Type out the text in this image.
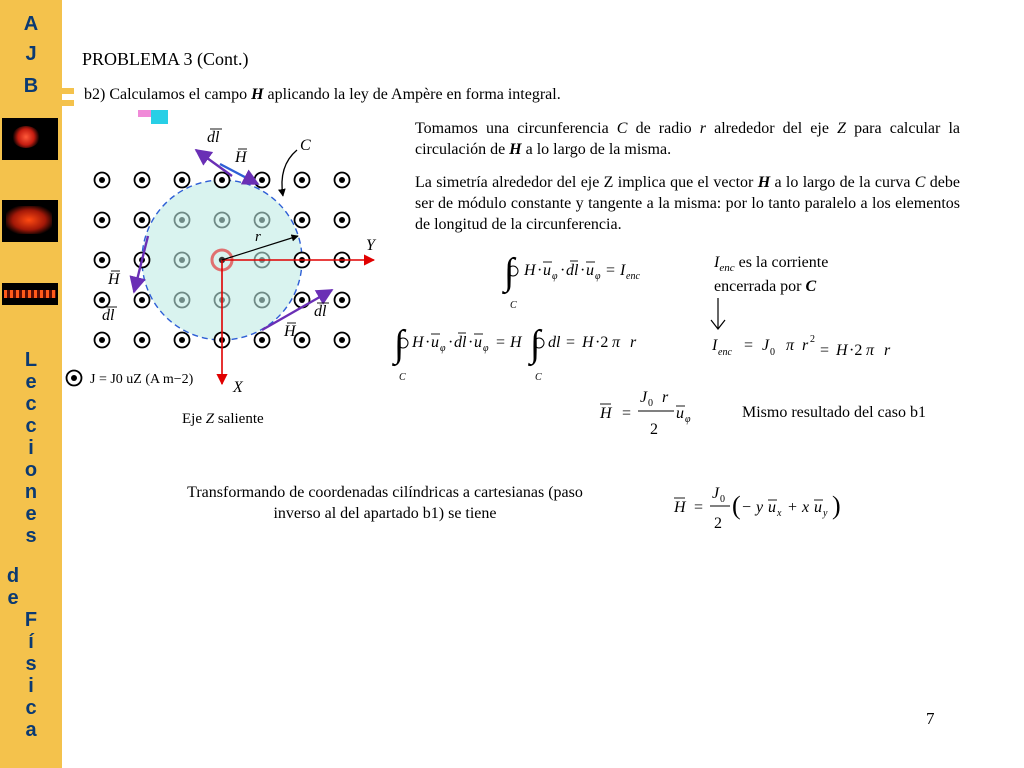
A
J
B
L
e
c
c
i
o
n
e
s
d
e
F
í
s
i
c
a
PROBLEMA 3 (Cont.)
b2) Calculamos el campo H aplicando la ley de Ampère en forma integral.
dl
H
C
r	Y
X
H
dl	dl
H
J = J0 uZ (A m−2)
Eje Z saliente
Tomamos una circunferencia C de radio r alrededor del eje Z para calcular la circulación de H a lo largo de la misma.
La simetría alrededor del eje Z implica que el vector H a lo largo de la curva C debe ser de módulo constante y tangente a la misma: por lo tanto paralelo a los elementos de longitud de la circunferencia.
∫
C
H · u φ · dl · u φ = I enc
∫
C
H · u φ · dl · u φ = H ∫
C
dl = H ·2 π r
$I_{enc}$ es la corriente encerrada por C
I enc = J 0 π r 2
= H ·2 π r
H =
J 0 r
2
u φ	Mismo resultado del caso b1
Transformando de coordenadas cilíndricas a cartesianas (paso inverso al del apartado b1) se tiene	H =
J 0
2
( − y u x + x u y )
7
